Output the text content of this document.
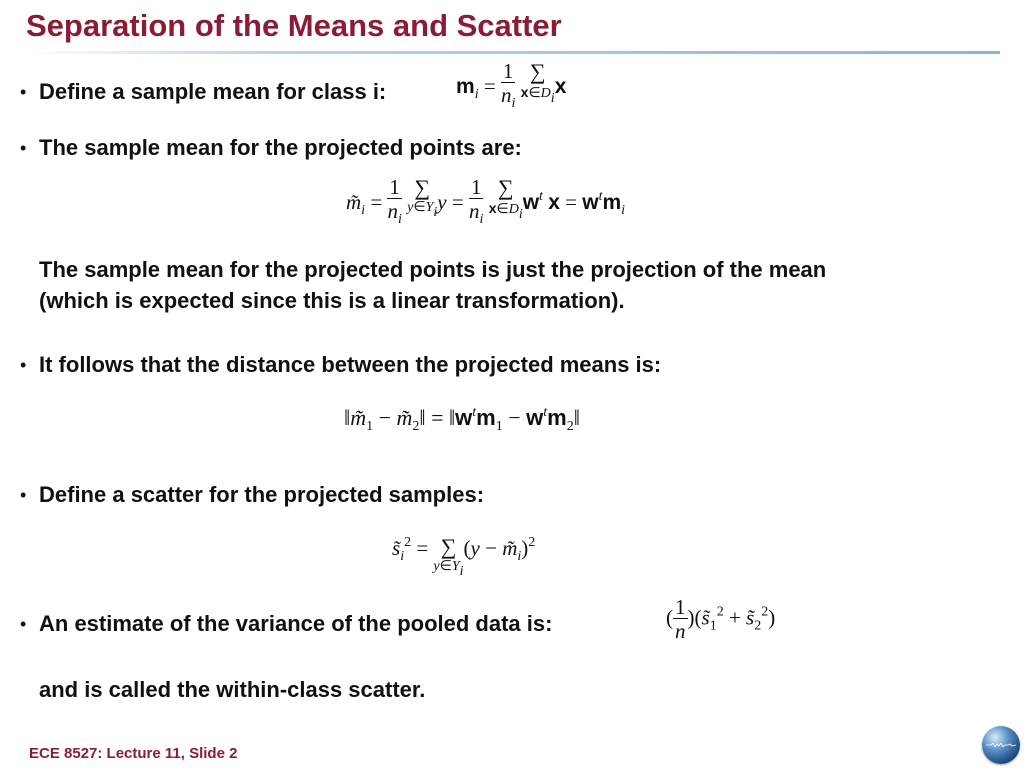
Separation of the Means and Scatter
• Define a sample mean for class i:	$m_i = \frac{1}{n_i}$
∑
x∈Di
x
• The sample mean for the projected points are:
$m̃_i = \frac{1}{n_i}$
∑
y∈Yi $y = \frac{1}{n_i}$
∑
x∈Di
$w^t$ $x = w^tm_i$
The sample mean for the projected points is just the projection of the mean
(which is expected since this is a linear transformation).
• It follows that the distance between the projected means is:
$‖m̃_1$ − $m̃_2‖$ = $‖w^tm_1$ − $w^tm_2‖$
• Define a scatter for the projected samples:
$s̃_i^2$ = ∑
y∈Yi
$(y - m̃_i)^2$
• An estimate of the variance of the pooled data is:	( $\frac{1}{n}$ )($s̃_1^2$ + $s̃_2^2$)
and is called the within-class scatter.
ECE 8527: Lecture 11, Slide 2
